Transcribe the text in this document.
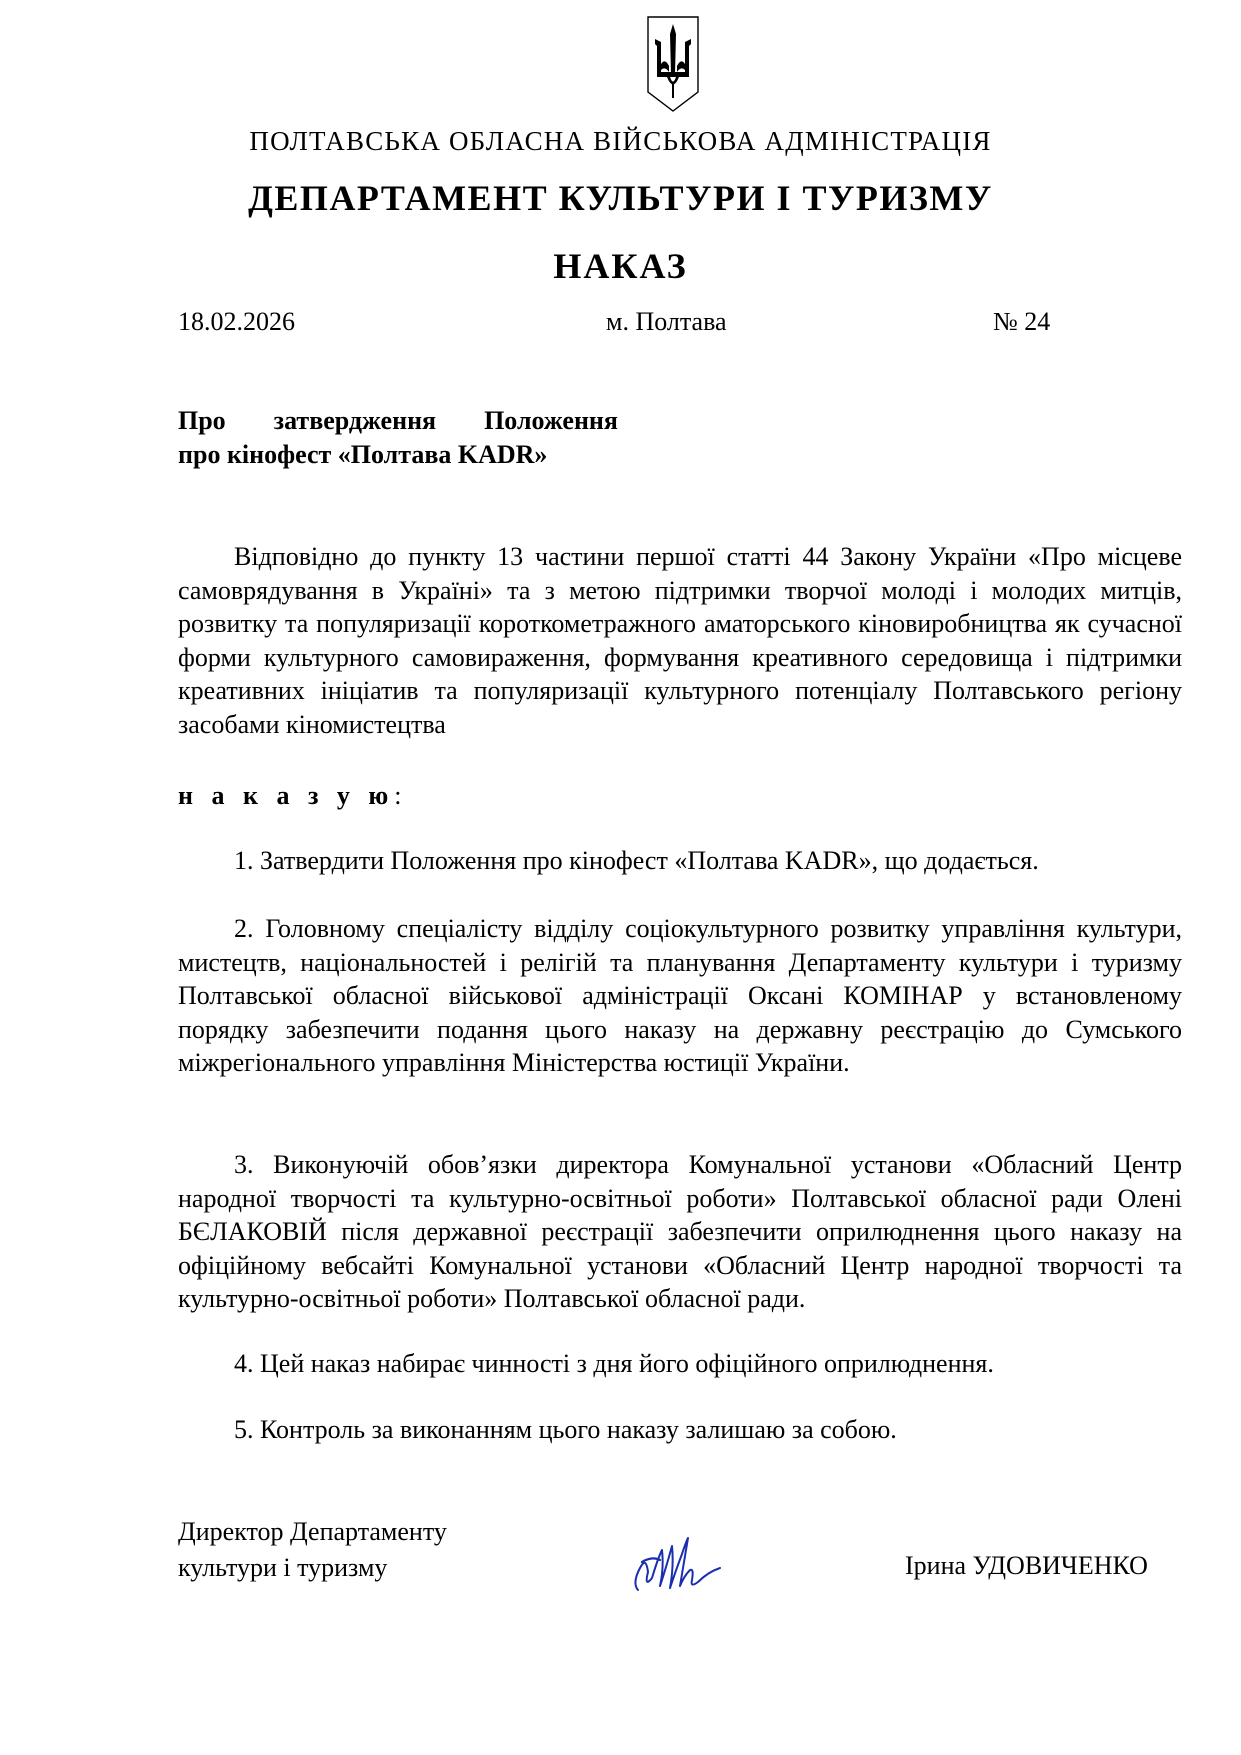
ПОЛТАВСЬКА ОБЛАСНА ВІЙСЬКОВА АДМІНІСТРАЦІЯ
ДЕПАРТАМЕНТ КУЛЬТУРИ І ТУРИЗМУ
НАКАЗ
18.02.2026	м. Полтава	№ 24
Про затвердження Положення
про кінофест «Полтава KADR»
Відповідно до пункту 13 частини першої статті 44 Закону України «Про місцеве самоврядування в Україні» та з метою підтримки творчої молоді і молодих митців, розвитку та популяризації короткометражного аматорського кіновиробництва як сучасної форми культурного самовираження, формування креативного середовища і підтримки креативних ініціатив та популяризації культурного потенціалу Полтавського регіону засобами кіномистецтва
н а к а з у ю:
1. Затвердити Положення про кінофест «Полтава KADR», що додається.
2. Головному спеціалісту відділу соціокультурного розвитку управління культури, мистецтв, національностей і релігій та планування Департаменту культури і туризму Полтавської обласної військової адміністрації Оксані КОМІНАР у встановленому порядку забезпечити подання цього наказу на державну реєстрацію до Сумського міжрегіонального управління Міністерства юстиції України.
3. Виконуючій обов’язки директора Комунальної установи «Обласний Центр народної творчості та культурно-освітньої роботи» Полтавської обласної ради Олені БЄЛАКОВІЙ після державної реєстрації забезпечити оприлюднення цього наказу на офіційному вебсайті Комунальної установи «Обласний Центр народної творчості та культурно-освітньої роботи» Полтавської обласної ради.
4. Цей наказ набирає чинності з дня його офіційного оприлюднення.
5. Контроль за виконанням цього наказу залишаю за собою.
Директор Департаменту
культури і туризму	Ірина УДОВИЧЕНКО
